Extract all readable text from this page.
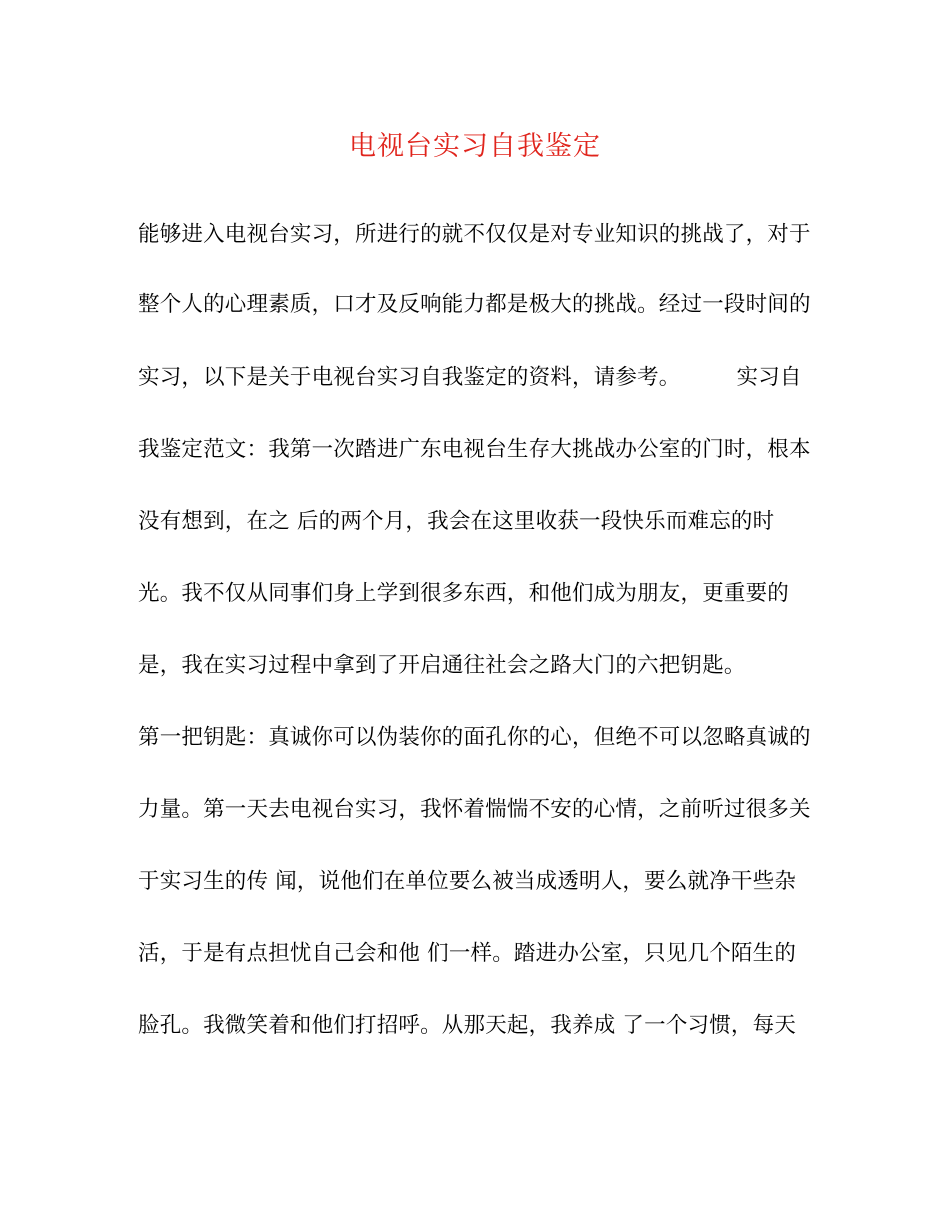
电视台实习自我鉴定
能够进入电视台实习，所进行的就不仅仅是对专业知识的挑战了，对于
整个人的心理素质，口才及反响能力都是极大的挑战。经过一段时间的
实习，以下是关于电视台实习自我鉴定的资料，请参考。	实习自
我鉴定范文：我第一次踏进广东电视台生存大挑战办公室的门时，根本
没有想到，在之 后的两个月，我会在这里收获一段快乐而难忘的时
光。我不仅从同事们身上学到很多东西，和他们成为朋友，更重要的
是，我在实习过程中拿到了开启通往社会之路大门的六把钥匙。
第一把钥匙：真诚你可以伪装你的面孔你的心，但绝不可以忽略真诚的
力量。第一天去电视台实习，我怀着惴惴不安的心情，之前听过很多关
于实习生的传 闻，说他们在单位要么被当成透明人，要么就净干些杂
活，于是有点担忧自己会和他 们一样。踏进办公室，只见几个陌生的
脸孔。我微笑着和他们打招呼。从那天起，我养成 了一个习惯，每天
